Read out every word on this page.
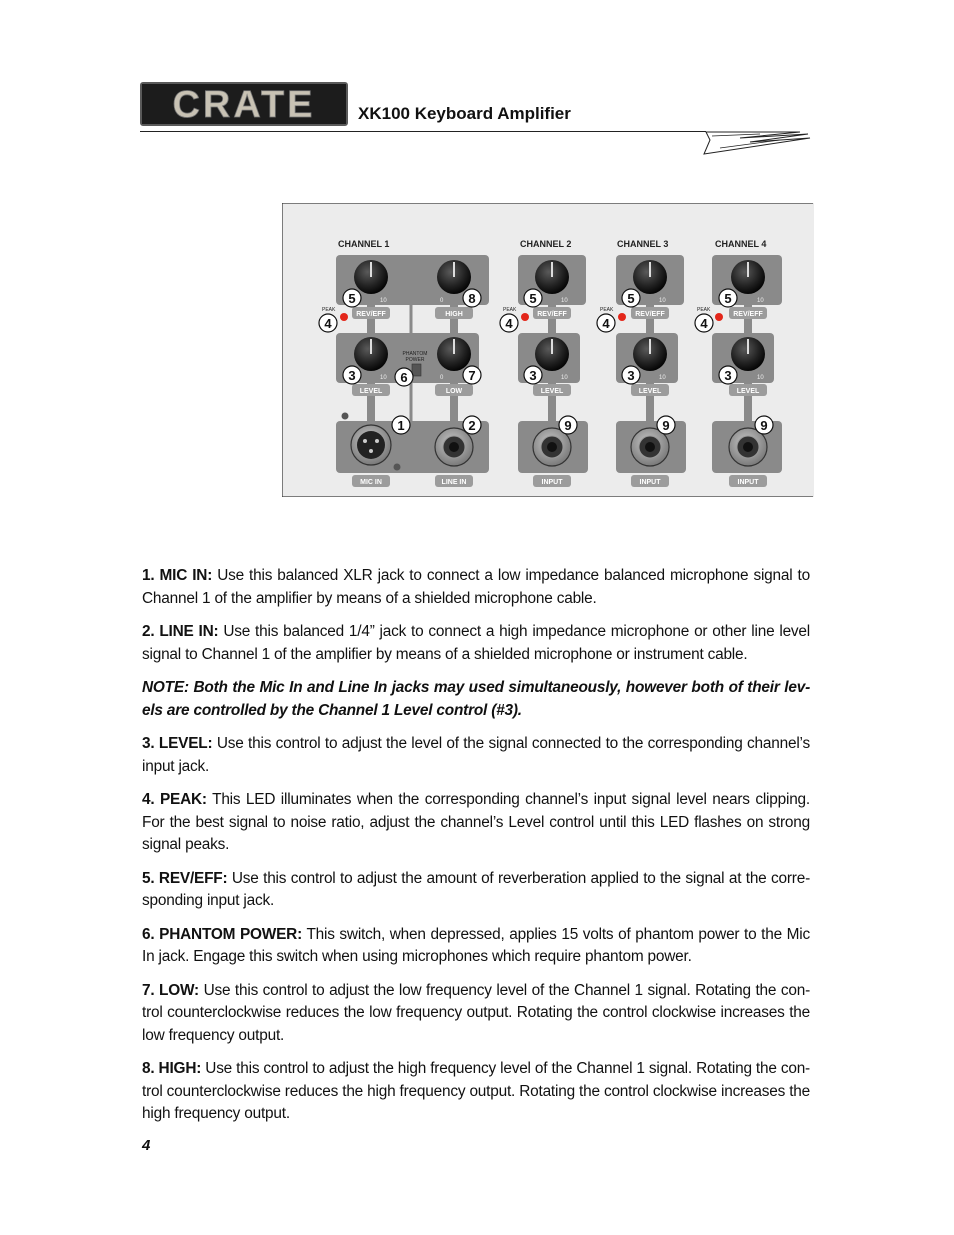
CRATE XK100 Keyboard Amplifier
CHANNEL 1	CHANNEL 2	CHANNEL 3	CHANNEL 4
10	0
10	0
10
10
10
10
10
10
REV/EFF	HIGH
LEVEL	LOW
REV/EFF
LEVEL
REV/EFF
LEVEL
REV/EFF
LEVEL
PEAK	PEAK	PEAK	PEAK
PHANTOM
POWER
MIC IN	LINE IN	INPUT	INPUT	INPUT
5	8
4
3	6	7
1	2
5
4
3
9
5
4
3
9
5
4
3
9

1. MIC IN: Use this balanced XLR jack to connect a low impedance balanced microphone signal to Channel 1 of the amplifier by means of a shielded microphone cable.

2. LINE IN: Use this balanced 1/4” jack to connect a high impedance microphone or other line level signal to Channel 1 of the amplifier by means of a shielded microphone or instrument cable.

NOTE: Both the Mic In and Line In jacks may used simultaneously, however both of their lev-els are controlled by the Channel 1 Level control (#3).

3. LEVEL: Use this control to adjust the level of the signal connected to the corresponding channel’s input jack.

4. PEAK: This LED illuminates when the corresponding channel’s input signal level nears clipping. For the best signal to noise ratio, adjust the channel’s Level control until this LED flashes on strong signal peaks.

5. REV/EFF: Use this control to adjust the amount of reverberation applied to the signal at the corre-sponding input jack.

6. PHANTOM POWER: This switch, when depressed, applies 15 volts of phantom power to the Mic In jack. Engage this switch when using microphones which require phantom power.

7. LOW: Use this control to adjust the low frequency level of the Channel 1 signal. Rotating the con-trol counterclockwise reduces the low frequency output. Rotating the control clockwise increases the low frequency output.

8. HIGH: Use this control to adjust the high frequency level of the Channel 1 signal. Rotating the con-trol counterclockwise reduces the high frequency output. Rotating the control clockwise increases the high frequency output.

4
